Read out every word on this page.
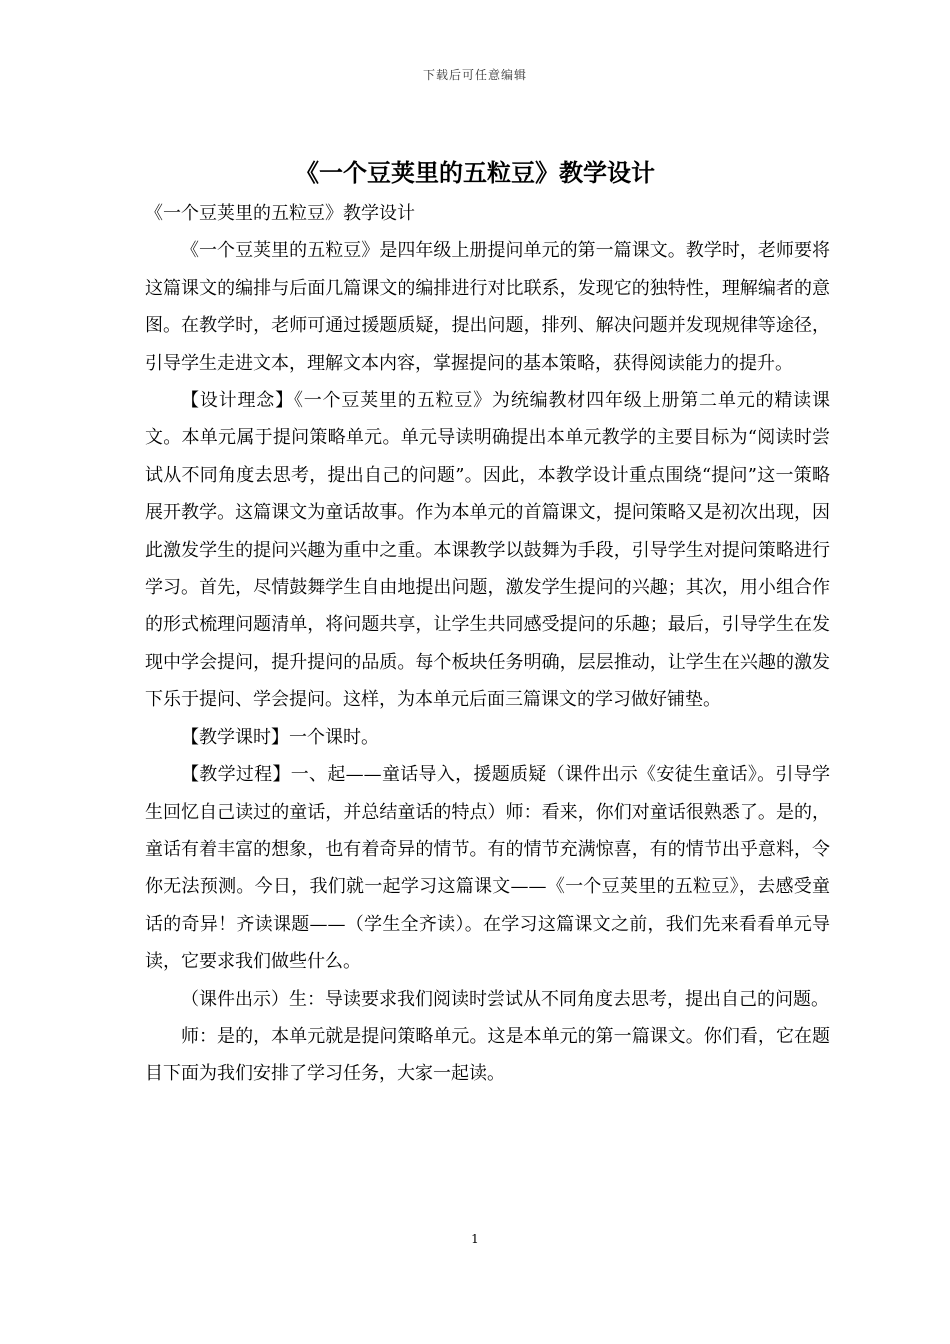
下载后可任意编辑
《一个豆荚里的五粒豆》教学设计

《一个豆荚里的五粒豆》教学设计

《一个豆荚里的五粒豆》是四年级上册提问单元的第一篇课文。教学时，老师要将这篇课文的编排与后面几篇课文的编排进行对比联系，发现它的独特性，理解编者的意图。在教学时，老师可通过援题质疑，提出问题，排列、解决问题并发现规律等途径，引导学生走进文本，理解文本内容，掌握提问的基本策略，获得阅读能力的提升。

【设计理念】《一个豆荚里的五粒豆》为统编教材四年级上册第二单元的精读课文。本单元属于提问策略单元。单元导读明确提出本单元教学的主要目标为“阅读时尝试从不同角度去思考，提出自己的问题”。因此，本教学设计重点围绕“提问”这一策略展开教学。这篇课文为童话故事。作为本单元的首篇课文，提问策略又是初次出现，因此激发学生的提问兴趣为重中之重。本课教学以鼓舞为手段，引导学生对提问策略进行学习。首先，尽情鼓舞学生自由地提出问题，激发学生提问的兴趣；其次，用小组合作的形式梳理问题清单，将问题共享，让学生共同感受提问的乐趣；最后，引导学生在发现中学会提问，提升提问的品质。每个板块任务明确，层层推动，让学生在兴趣的激发下乐于提问、学会提问。这样，为本单元后面三篇课文的学习做好铺垫。

【教学课时】一个课时。

【教学过程】一、起——童话导入，援题质疑（课件出示《安徒生童话》。引导学生回忆自己读过的童话，并总结童话的特点）师：看来，你们对童话很熟悉了。是的，童话有着丰富的想象，也有着奇异的情节。有的情节充满惊喜，有的情节出乎意料，令你无法预测。今日，我们就一起学习这篇课文——《一个豆荚里的五粒豆》，去感受童话的奇异！齐读课题——（学生全齐读）。在学习这篇课文之前，我们先来看看单元导读，它要求我们做些什么。

（课件出示）生：导读要求我们阅读时尝试从不同角度去思考，提出自己的问题。

师：是的，本单元就是提问策略单元。这是本单元的第一篇课文。你们看，它在题目下面为我们安排了学习任务，大家一起读。

1
